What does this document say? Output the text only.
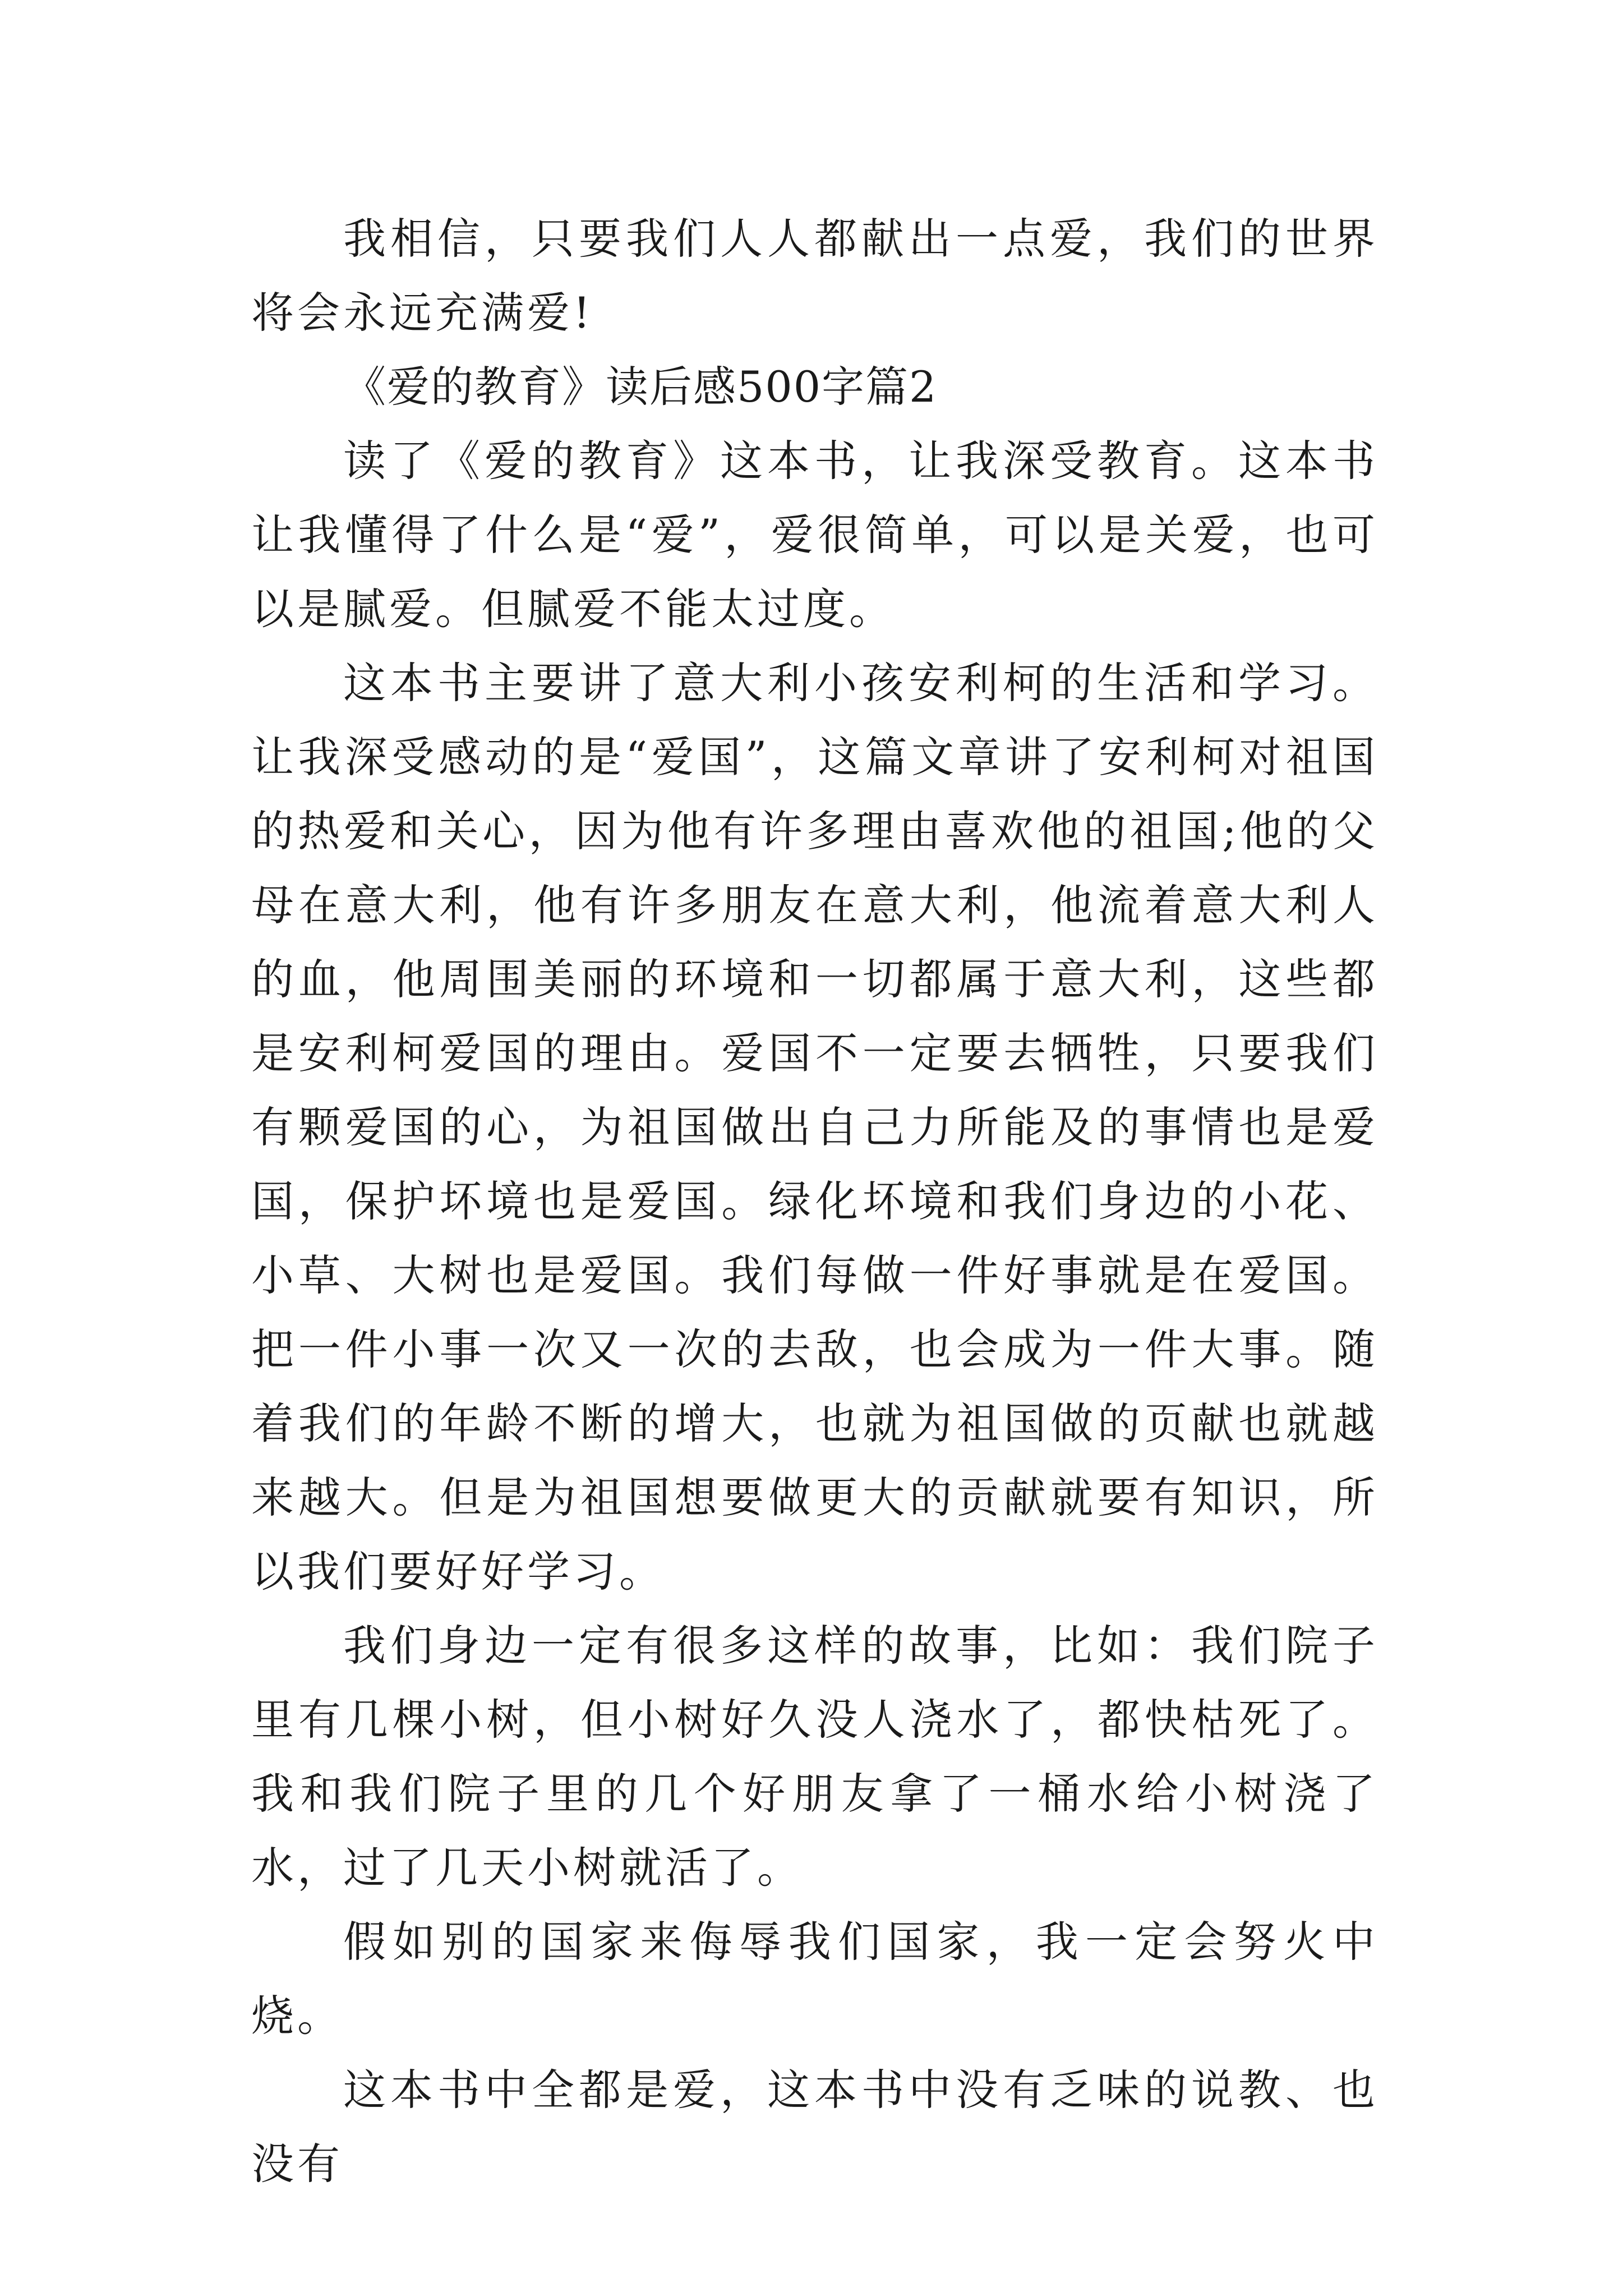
我相信，只要我们人人都献出一点爱，我们的世界将会永远充满爱!

《爱的教育》读后感500字篇2

读了《爱的教育》这本书，让我深受教育。这本书让我懂得了什么是“爱”，爱很简单，可以是关爱，也可以是腻爱。但腻爱不能太过度。

这本书主要讲了意大利小孩安利柯的生活和学习。让我深受感动的是“爱国”，这篇文章讲了安利柯对祖国的热爱和关心，因为他有许多理由喜欢他的祖国;他的父母在意大利，他有许多朋友在意大利，他流着意大利人的血，他周围美丽的环境和一切都属于意大利，这些都是安利柯爱国的理由。爱国不一定要去牺牲，只要我们有颗爱国的心，为祖国做出自己力所能及的事情也是爱国，保护坏境也是爱国。绿化坏境和我们身边的小花、小草、大树也是爱国。我们每做一件好事就是在爱国。把一件小事一次又一次的去敌，也会成为一件大事。随着我们的年龄不断的增大，也就为祖国做的页献也就越来越大。但是为祖国想要做更大的贡献就要有知识，所以我们要好好学习。

我们身边一定有很多这样的故事，比如：我们院子里有几棵小树，但小树好久没人浇水了，都快枯死了。我和我们院子里的几个好朋友拿了一桶水给小树浇了水，过了几天小树就活了。

假如别的国家来侮辱我们国家，我一定会努火中烧。

这本书中全都是爱，这本书中没有乏味的说教、也没有
